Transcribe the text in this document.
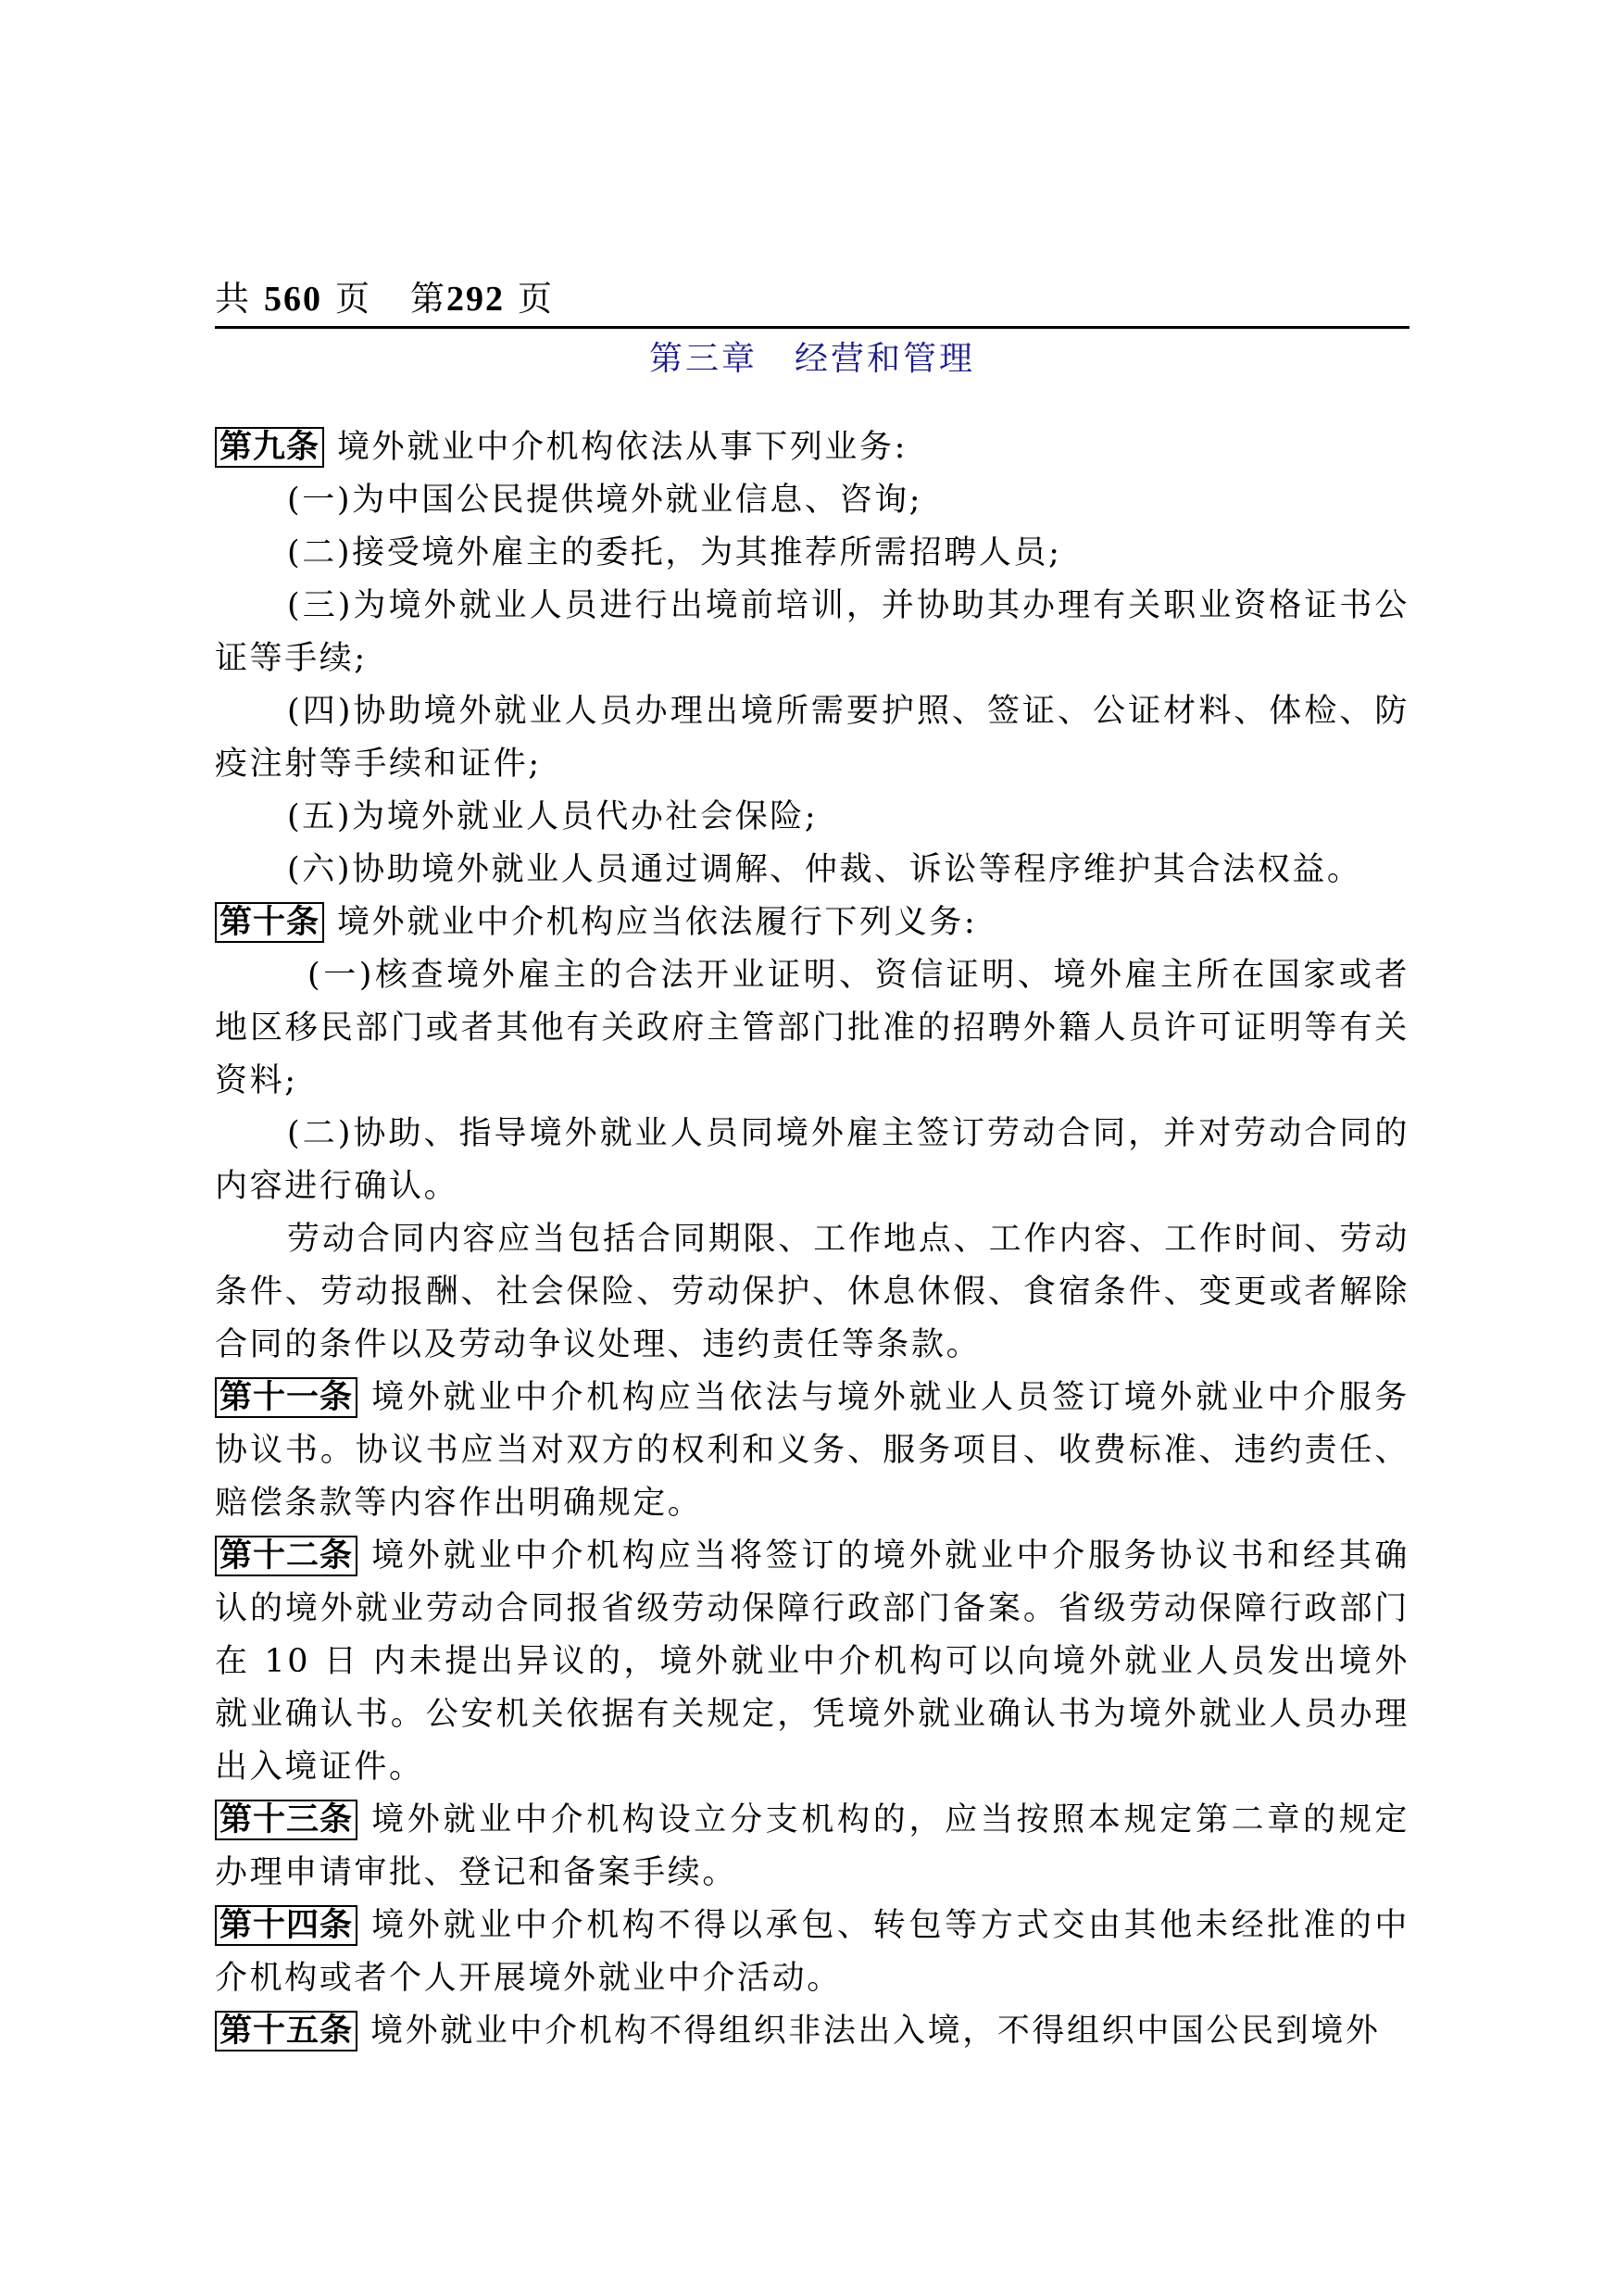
共 560 页 第292 页
第三章 经营和管理

第九条 境外就业中介机构依法从事下列业务:

(一)为中国公民提供境外就业信息、咨询;

(二)接受境外雇主的委托，为其推荐所需招聘人员;

(三)为境外就业人员进行出境前培训，并协助其办理有关职业资格证书公证等手续;

(四)协助境外就业人员办理出境所需要护照、签证、公证材料、体检、防疫注射等手续和证件;

(五)为境外就业人员代办社会保险;

(六)协助境外就业人员通过调解、仲裁、诉讼等程序维护其合法权益。

第十条 境外就业中介机构应当依法履行下列义务:

(一)核查境外雇主的合法开业证明、资信证明、境外雇主所在国家或者地区移民部门或者其他有关政府主管部门批准的招聘外籍人员许可证明等有关资料;

(二)协助、指导境外就业人员同境外雇主签订劳动合同，并对劳动合同的内容进行确认。

劳动合同内容应当包括合同期限、工作地点、工作内容、工作时间、劳动条件、劳动报酬、社会保险、劳动保护、休息休假、食宿条件、变更或者解除合同的条件以及劳动争议处理、违约责任等条款。

第十一条 境外就业中介机构应当依法与境外就业人员签订境外就业中介服务协议书。协议书应当对双方的权利和义务、服务项目、收费标准、违约责任、赔偿条款等内容作出明确规定。

第十二条 境外就业中介机构应当将签订的境外就业中介服务协议书和经其确认的境外就业劳动合同报省级劳动保障行政部门备案。省级劳动保障行政部门在 10 日 内未提出异议的，境外就业中介机构可以向境外就业人员发出境外就业确认书。公安机关依据有关规定，凭境外就业确认书为境外就业人员办理出入境证件。

第十三条 境外就业中介机构设立分支机构的，应当按照本规定第二章的规定办理申请审批、登记和备案手续。

第十四条 境外就业中介机构不得以承包、转包等方式交由其他未经批准的中介机构或者个人开展境外就业中介活动。

第十五条 境外就业中介机构不得组织非法出入境，不得组织中国公民到境外
